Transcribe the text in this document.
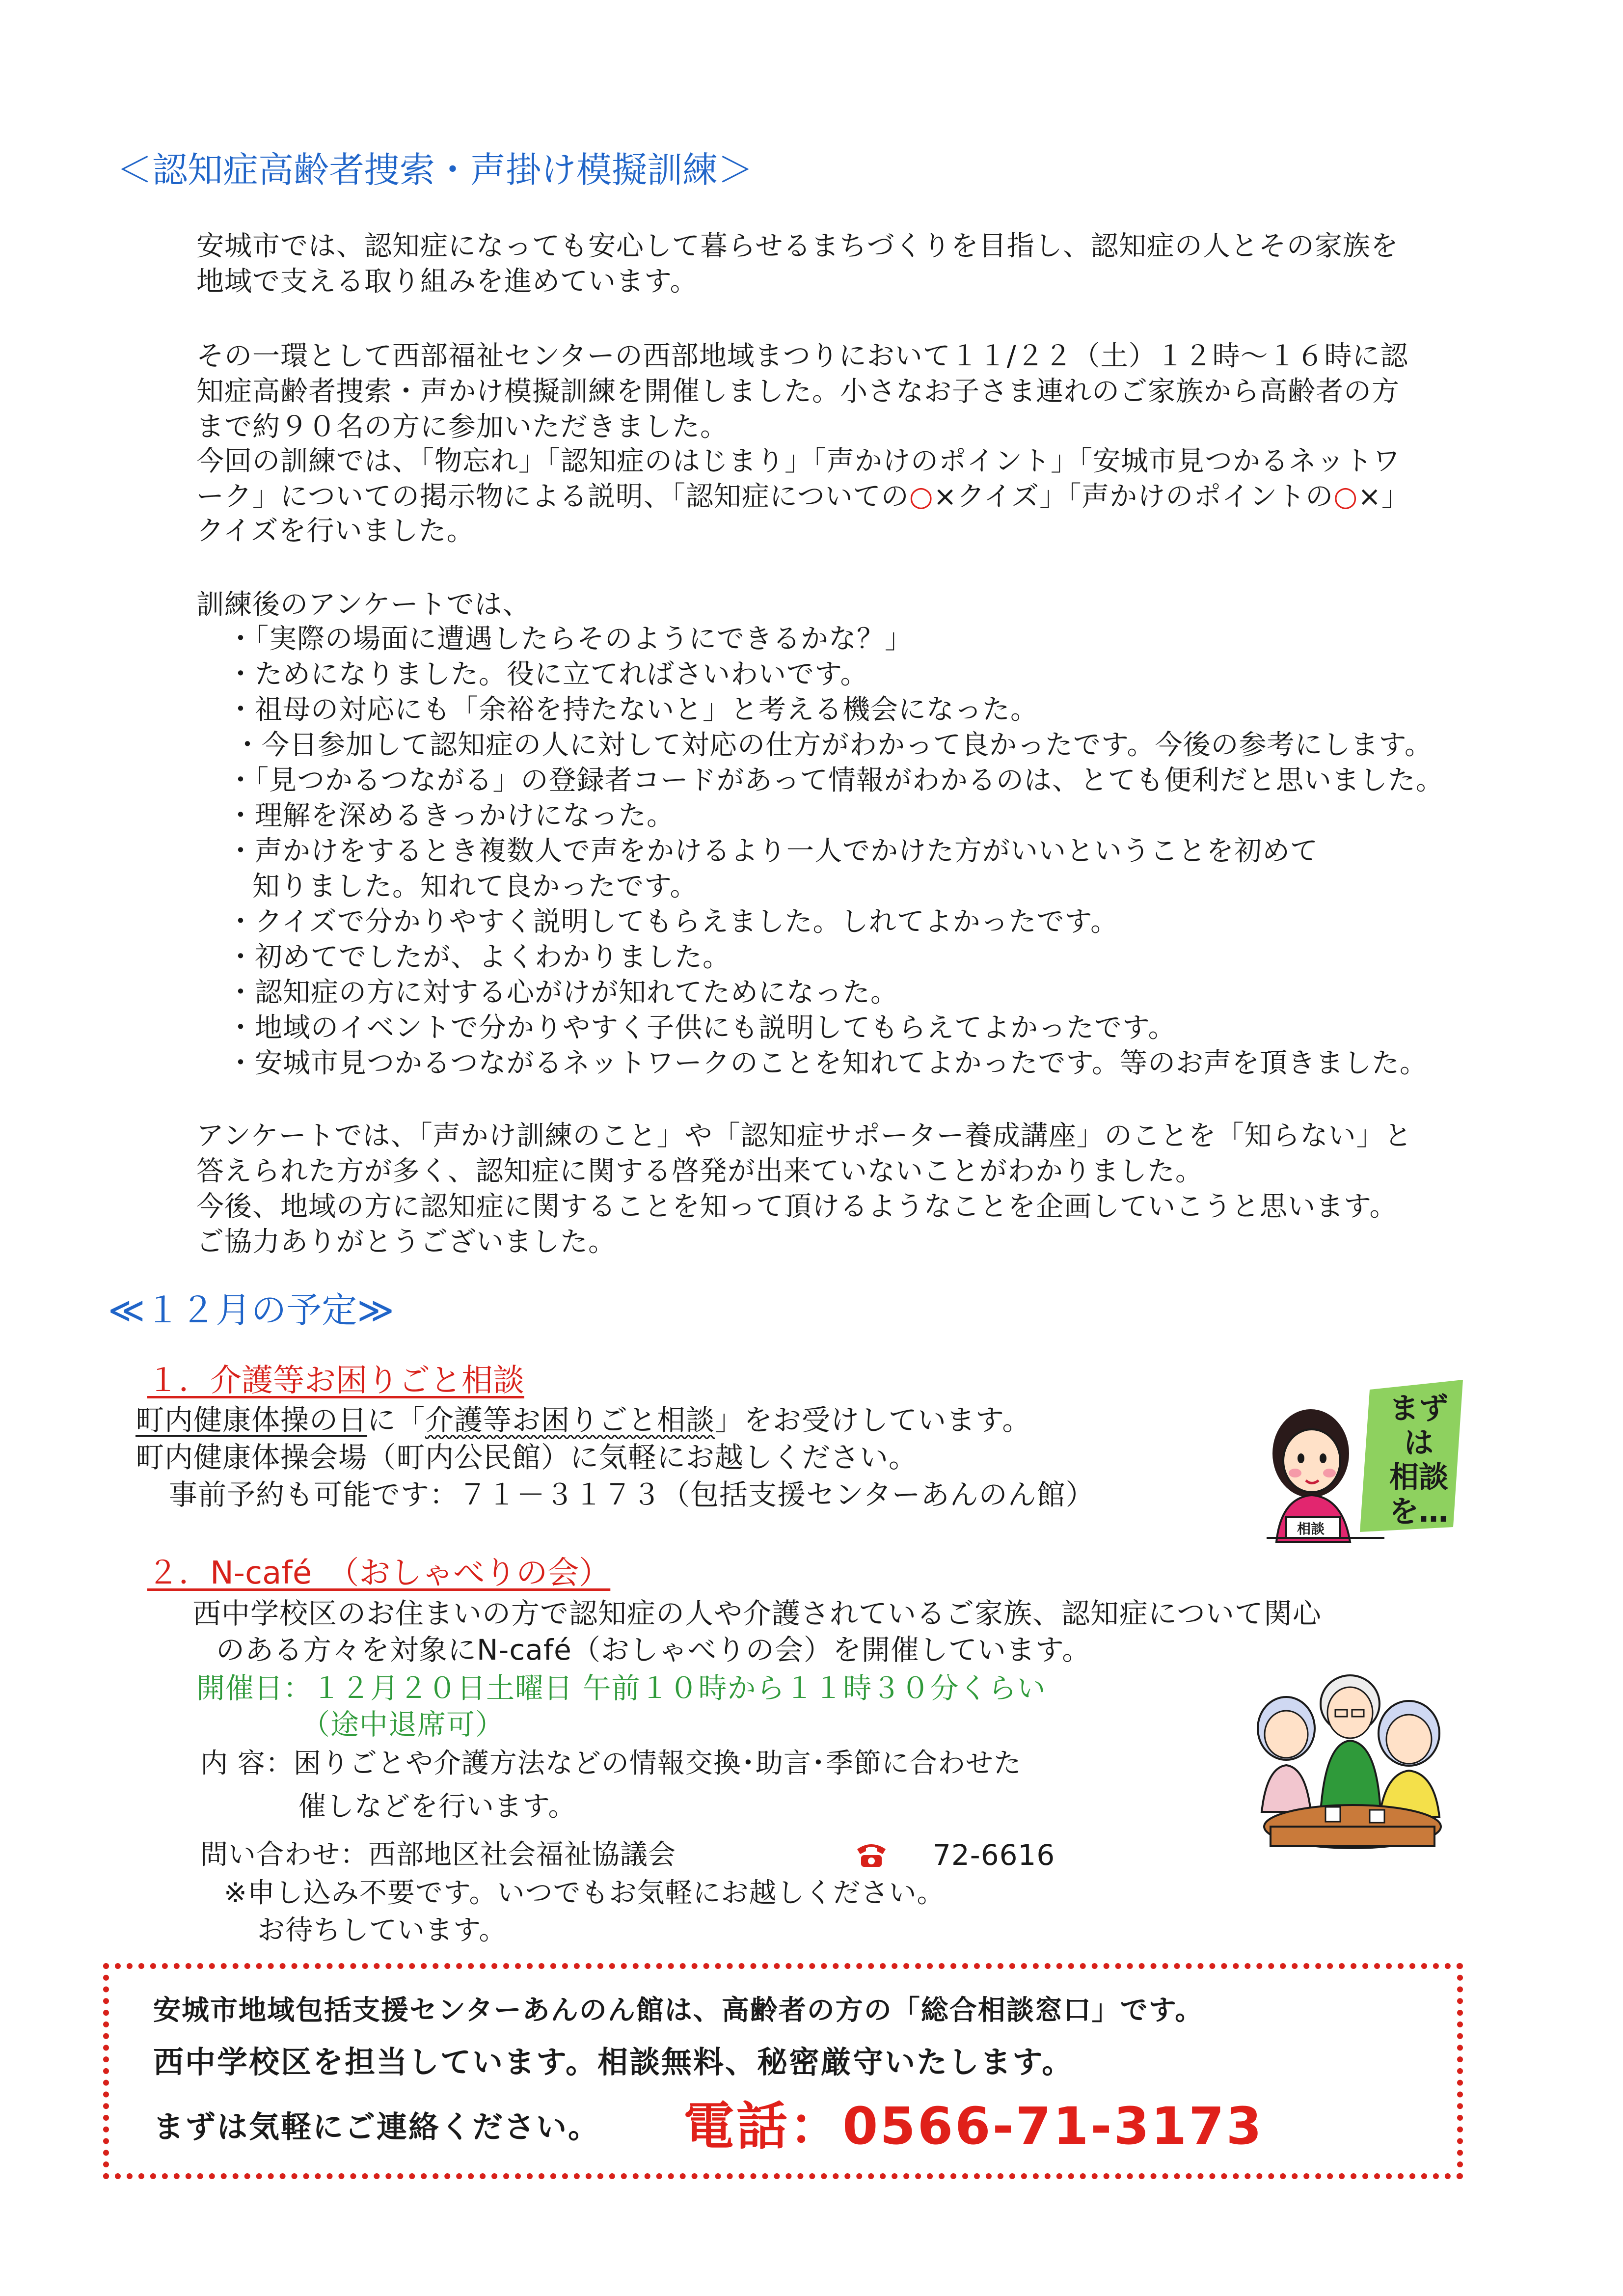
＜認知症高齢者捜索・声掛け模擬訓練＞
安城市では、認知症になっても安心して暮らせるまちづくりを目指し、認知症の人とその家族を
地域で支える取り組みを進めています。
その一環として西部福祉センターの西部地域まつりにおいて１１/２２（土）１２時〜１６時に認
知症高齢者捜索・声かけ模擬訓練を開催しました。小さなお子さま連れのご家族から高齢者の方
まで約９０名の方に参加いただきました。
今回の訓練では、「物忘れ」「認知症のはじまり」「声かけのポイント」「安城市見つかるネットワ
ーク」についての掲示物による説明、「認知症についての○×クイズ」「声かけのポイントの○×」
クイズを行いました。
訓練後のアンケートでは、
・「実際の場面に遭遇したらそのようにできるかな？」
・ためになりました。役に立てればさいわいです。
・祖母の対応にも「余裕を持たないと」と考える機会になった。
・今日参加して認知症の人に対して対応の仕方がわかって良かったです。今後の参考にします。
・「見つかるつながる」の登録者コードがあって情報がわかるのは、とても便利だと思いました。
・理解を深めるきっかけになった。
・声かけをするとき複数人で声をかけるより一人でかけた方がいいということを初めて
知りました。知れて良かったです。
・クイズで分かりやすく説明してもらえました。しれてよかったです。
・初めてでしたが、よくわかりました。
・認知症の方に対する心がけが知れてためになった。
・地域のイベントで分かりやすく子供にも説明してもらえてよかったです。
・安城市見つかるつながるネットワークのことを知れてよかったです。等のお声を頂きました。
アンケートでは、「声かけ訓練のこと」や「認知症サポーター養成講座」のことを「知らない」と
答えられた方が多く、認知症に関する啓発が出来ていないことがわかりました。
今後、地域の方に認知症に関することを知って頂けるようなことを企画していこうと思います。
ご協力ありがとうございました。
≪１２月の予定≫
１．介護等お困りごと相談
町内健康体操の日に「介護等お困りごと相談」をお受けしています。
町内健康体操会場（町内公民館）に気軽にお越しください。
事前予約も可能です：７１－３１７３（包括支援センターあんのん館）
まずは
相談
を…
相談
２．N-café　（おしゃべりの会）
西中学校区のお住まいの方で認知症の人や介護されているご家族、認知症について関心
のある方々を対象にN-café（おしゃべりの会）を開催しています。
開催日：１２月２０日土曜日 午前１０時から１１時３０分くらい
（途中退席可）
内 容：困りごとや介護方法などの情報交換･助言･季節に合わせた
催しなどを行います。
問い合わせ：西部地区社会福祉協議会	72-6616
※申し込み不要です。いつでもお気軽にお越しください。
お待ちしています。
安城市地域包括支援センターあんのん館は、高齢者の方の「総合相談窓口」です。
西中学校区を担当しています。相談無料、秘密厳守いたします。
まずは気軽にご連絡ください。 電話：0566-71-3173
